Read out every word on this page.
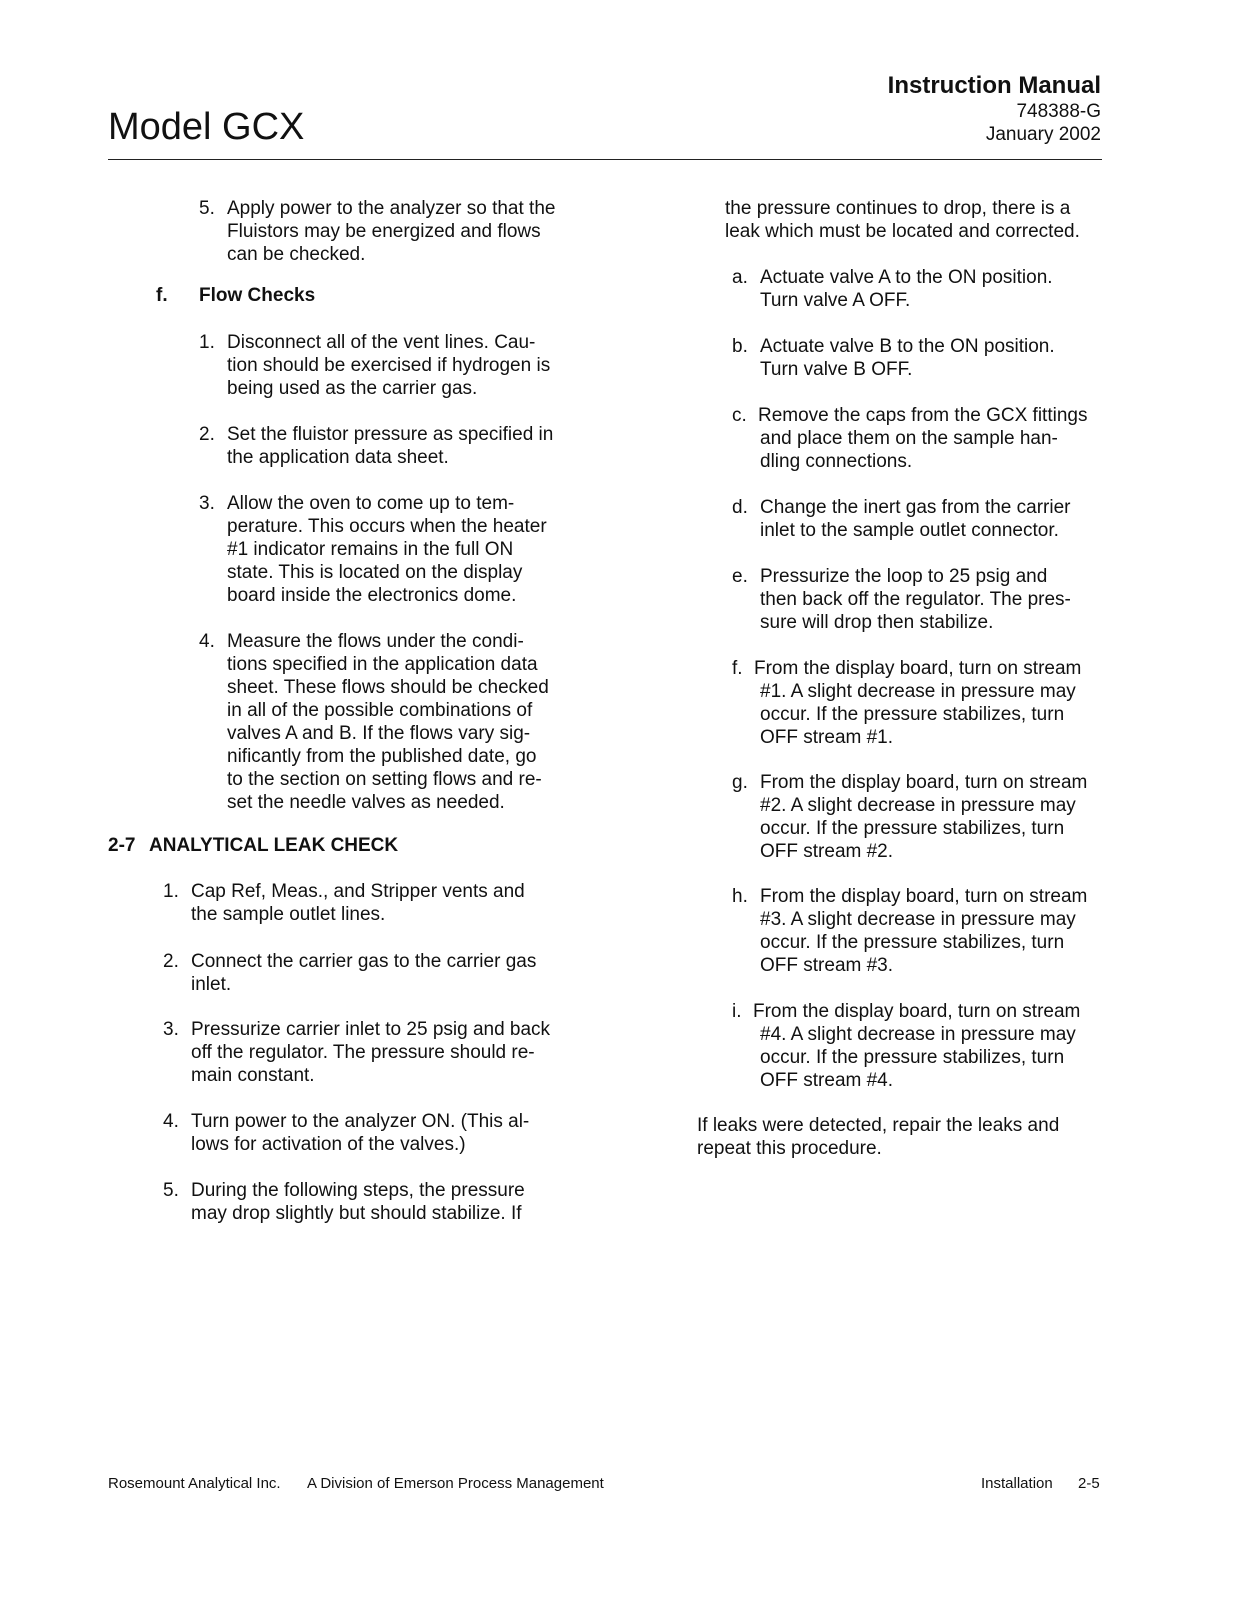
Model GCX
Instruction Manual
748388-G
January 2002
5. Apply power to the analyzer so that the
Fluistors may be energized and flows
can be checked.
f. Flow Checks
1. Disconnect all of the vent lines. Cau-
tion should be exercised if hydrogen is
being used as the carrier gas.
2. Set the fluistor pressure as specified in
the application data sheet.
3. Allow the oven to come up to tem-
perature. This occurs when the heater
#1 indicator remains in the full ON
state. This is located on the display
board inside the electronics dome.
4. Measure the flows under the condi-
tions specified in the application data
sheet. These flows should be checked
in all of the possible combinations of
valves A and B. If the flows vary sig-
nificantly from the published date, go
to the section on setting flows and re-
set the needle valves as needed.
2-7 ANALYTICAL LEAK CHECK
1. Cap Ref, Meas., and Stripper vents and
the sample outlet lines.
2. Connect the carrier gas to the carrier gas
inlet.
3. Pressurize carrier inlet to 25 psig and back
off the regulator. The pressure should re-
main constant.
4. Turn power to the analyzer ON. (This al-
lows for activation of the valves.)
5. During the following steps, the pressure
may drop slightly but should stabilize. If
the pressure continues to drop, there is a
leak which must be located and corrected.
a. Actuate valve A to the ON position.
Turn valve A OFF.
b. Actuate valve B to the ON position.
Turn valve B OFF.
c. Remove the caps from the GCX fittings
and place them on the sample han-
dling connections.
d. Change the inert gas from the carrier
inlet to the sample outlet connector.
e. Pressurize the loop to 25 psig and
then back off the regulator. The pres-
sure will drop then stabilize.
f. From the display board, turn on stream
#1. A slight decrease in pressure may
occur. If the pressure stabilizes, turn
OFF stream #1.
g. From the display board, turn on stream
#2. A slight decrease in pressure may
occur. If the pressure stabilizes, turn
OFF stream #2.
h. From the display board, turn on stream
#3. A slight decrease in pressure may
occur. If the pressure stabilizes, turn
OFF stream #3.
i. From the display board, turn on stream
#4. A slight decrease in pressure may
occur. If the pressure stabilizes, turn
OFF stream #4.
If leaks were detected, repair the leaks and
repeat this procedure.
Rosemount Analytical Inc. A Division of Emerson Process Management	Installation 2-5
